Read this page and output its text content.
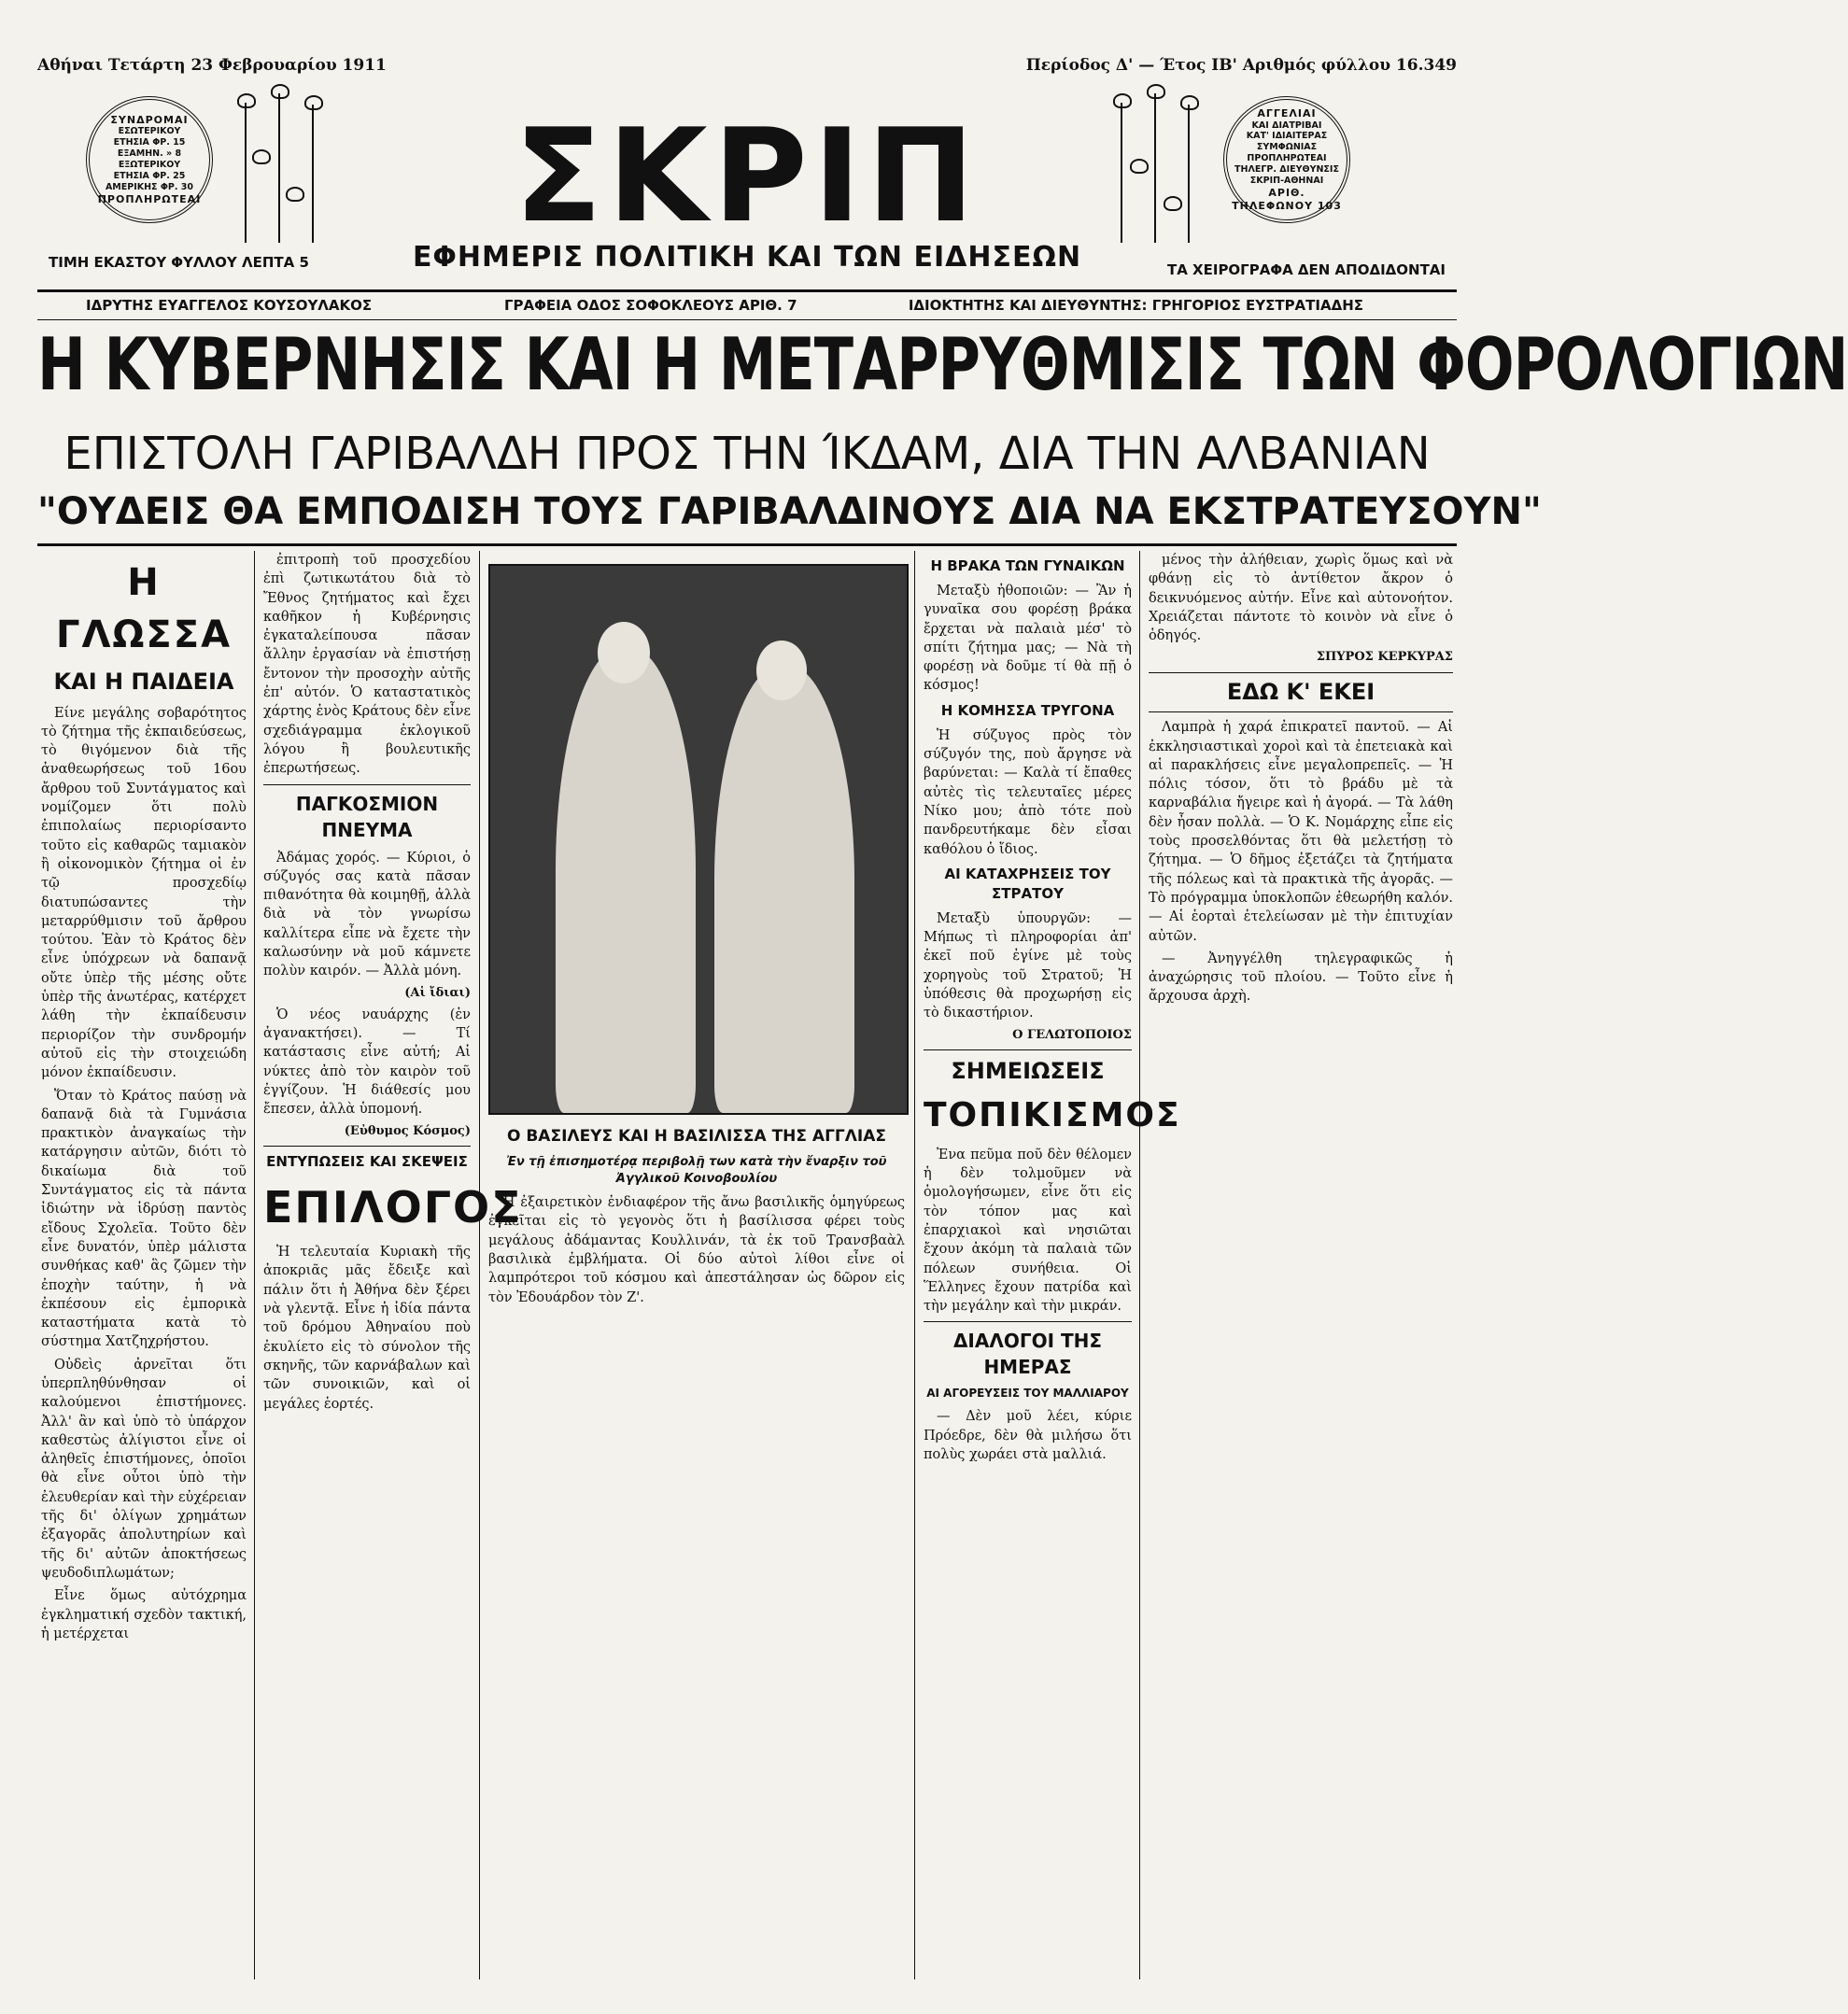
Αθήναι Τετάρτη 23 Φεβρουαρίου 1911	Περίοδος Δ' — Έτος ΙΒ' Αριθμός φύλλου 16.349
ΣΥΝΔΡΟΜΑΙ
ΕΣΩΤΕΡΙΚΟΥ
ΕΤΗΣΙΑ ΦΡ. 15
ΕΞΑΜΗΝ. » 8
ΕΞΩΤΕΡΙΚΟΥ
ΕΤΗΣΙΑ ΦΡ. 25
ΑΜΕΡΙΚΗΣ ΦΡ. 30
ΠΡΟΠΛΗΡΩΤΕΑΙ
ΑΓΓΕΛΙΑΙ
ΚΑΙ ΔΙΑΤΡΙΒΑΙ
ΚΑΤ' ΙΔΙΑΙΤΕΡΑΣ
ΣΥΜΦΩΝΙΑΣ
ΠΡΟΠΛΗΡΩΤΕΑΙ
ΤΗΛΕΓΡ. ΔΙΕΥΘΥΝΣΙΣ
ΣΚΡΙΠ-ΑΘΗΝΑΙ
ΑΡΙΘ. ΤΗΛΕΦΩΝΟΥ 103
ΣΚΡΙΠ
ΕΦΗΜΕΡΙΣ ΠΟΛΙΤΙΚΗ ΚΑΙ ΤΩΝ ΕΙΔΗΣΕΩΝ
ΤΙΜΗ ΕΚΑΣΤΟΥ ΦΥΛΛΟΥ ΛΕΠΤΑ 5	ΤΑ ΧΕΙΡΟΓΡΑΦΑ ΔΕΝ ΑΠΟΔΙΔΟΝΤΑΙ
ΙΔΡΥΤΗΣ ΕΥΑΓΓΕΛΟΣ ΚΟΥΣΟΥΛΑΚΟΣ	ΓΡΑΦΕΙΑ ΟΔΟΣ ΣΟΦΟΚΛΕΟΥΣ ΑΡΙΘ. 7	ΙΔΙΟΚΤΗΤΗΣ ΚΑΙ ΔΙΕΥΘΥΝΤΗΣ: ΓΡΗΓΟΡΙΟΣ ΕΥΣΤΡΑΤΙΑΔΗΣ
Η ΚΥΒΕΡΝΗΣΙΣ ΚΑΙ Η ΜΕΤΑΡΡΥΘΜΙΣΙΣ ΤΩΝ ΦΟΡΟΛΟΓΙΩΝ
ΕΠΙΣΤΟΛΗ ΓΑΡΙΒΑΛΔΗ ΠΡΟΣ ΤΗΝ ΊΚΔΑΜ, ΔΙΑ ΤΗΝ ΑΛΒΑΝΙΑΝ
"ΟΥΔΕΙΣ ΘΑ ΕΜΠΟΔΙΣΗ ΤΟΥΣ ΓΑΡΙΒΑΛΔΙΝΟΥΣ ΔΙΑ ΝΑ ΕΚΣΤΡΑΤΕΥΣΟΥΝ"
Η ΓΛΩΣΣΑ
ΚΑΙ Η ΠΑΙΔΕΙΑ

Είνε μεγάλης σοβαρότητος τὸ ζήτημα τῆς ἐκπαιδεύσεως, τὸ θιγόμενον διὰ τῆς ἀναθεωρήσεως τοῦ 16ου ἄρθρου τοῦ Συντάγματος καὶ νομίζομεν ὅτι πολὺ ἐπιπολαίως περιορίσαντο τοῦτο εἰς καθαρῶς ταμιακὸν ἢ οἰκονομικὸν ζήτημα οἱ ἐν τῷ προσχεδίῳ διατυπώσαντες τὴν μεταρρύθμισιν τοῦ ἄρθρου τούτου. Ἐὰν τὸ Κράτος δὲν εἶνε ὑπόχρεων νὰ δαπανᾷ οὔτε ὑπὲρ τῆς μέσης οὔτε ὑπὲρ τῆς ἀνωτέρας, κατέρχετ λάθη τὴν ἐκπαίδευσιν περιορίζον τὴν συνδρομήν αὐτοῦ εἰς τὴν στοιχειώδη μόνον ἐκπαίδευσιν.

Ὅταν τὸ Κράτος παύσῃ νὰ δαπανᾷ διὰ τὰ Γυμνάσια πρακτικὸν ἀναγκαίως τὴν κατάργησιν αὐτῶν, διότι τὸ δικαίωμα διὰ τοῦ Συντάγματος εἰς τὰ πάντα ἰδιώτην νὰ ἱδρύσῃ παντὸς εἴδους Σχολεῖα. Τοῦτο δὲν εἶνε δυνατόν, ὑπὲρ μάλιστα συνθήκας καθ' ἃς ζῶμεν τὴν ἐποχὴν ταύτην, ἡ νὰ ἐκπέσουν εἰς ἐμπορικὰ καταστήματα κατὰ τὸ σύστημα Χατζηχρήστου.

Οὐδεὶς ἀρνεῖται ὅτι ὑπερπληθύνθησαν οἱ καλούμενοι ἐπιστήμονες. Ἀλλ' ἂν καὶ ὑπὸ τὸ ὑπάρχον καθεστὼς ἀλίγιστοι εἶνε οἱ ἀληθεῖς ἐπιστήμονες, ὁποῖοι θὰ εἶνε οὗτοι ὑπὸ τὴν ἐλευθερίαν καὶ τὴν εὐχέρειαν τῆς δι' ὀλίγων χρημάτων ἐξαγορᾶς ἀπολυτηρίων καὶ τῆς δι' αὐτῶν ἀποκτήσεως ψευδοδιπλωμάτων;

Εἶνε ὅμως αὐτόχρημα ἐγκληματική σχεδὸν τακτική, ἡ μετέρχεται

ἐπιτροπὴ τοῦ προσχεδίου ἐπὶ ζωτικωτάτου διὰ τὸ Ἔθνος ζητήματος καὶ ἔχει καθῆκον ἡ Κυβέρνησις ἐγκαταλείπουσα πᾶσαν ἄλλην ἐργασίαν νὰ ἐπιστήσῃ ἔντονον τὴν προσοχὴν αὐτῆς ἐπ' αὐτόν. Ὁ καταστατικὸς χάρτης ἑνὸς Κράτους δὲν εἶνε σχεδιάγραμμα ἐκλογικοῦ λόγου ἢ βουλευτικῆς ἐπερωτήσεως.

ΠΑΓΚΟΣΜΙΟΝ ΠΝΕΥΜΑ

Ἀδάμας χορός. — Κύριοι, ὁ σύζυγός σας κατὰ πᾶσαν πιθανότητα θὰ κοιμηθῇ, ἀλλὰ διὰ νὰ τὸν γνωρίσω καλλίτερα εἶπε νὰ ἔχετε τὴν καλωσύνην νὰ μοῦ κάμνετε πολὺν καιρόν. — Ἀλλὰ μόνη.

(Αἱ ἴδιαι)

Ὁ νέος ναυάρχης (ἐν ἀγανακτήσει). — Τί κατάστασις εἶνε αὐτή; Αἱ νύκτες ἀπὸ τὸν καιρὸν τοῦ ἐγγίζουν. Ἡ διάθεσίς μου ἔπεσεν, ἀλλὰ ὑπομονή.

(Εὐθυμος Κόσμος)
ΕΝΤΥΠΩΣΕΙΣ ΚΑΙ ΣΚΕΨΕΙΣ
ΕΠΙΛΟΓΟΣ

Ἡ τελευταία Κυριακὴ τῆς ἀποκριᾶς μᾶς ἔδειξε καὶ πάλιν ὅτι ἡ Ἀθήνα δὲν ξέρει νὰ γλεντᾷ. Εἶνε ἡ ἰδία πάντα τοῦ δρόμου Ἀθηναίου ποὺ ἐκυλίετο εἰς τὸ σύνολον τῆς σκηνῆς, τῶν καρνάβαλων καὶ τῶν συνοικιῶν, καὶ οἱ μεγάλες ἑορτές.

Ο ΒΑΣΙΛΕΥΣ ΚΑΙ Η ΒΑΣΙΛΙΣΣΑ ΤΗΣ ΑΓΓΛΙΑΣ
Ἐν τῇ ἐπισημοτέρᾳ περιβολῇ των κατὰ τὴν ἔναρξιν τοῦ Ἀγγλικοῦ Κοινοβουλίου

Ἡ ἐξαιρετικὸν ἐνδιαφέρον τῆς ἄνω βασιλικῆς ὁμηγύρεως ἐγκεῖται εἰς τὸ γεγονὸς ὅτι ἡ βασίλισσα φέρει τοὺς μεγάλους ἀδάμαντας Κουλλινάν, τὰ ἐκ τοῦ Τρανσβαὰλ βασιλικὰ ἐμβλήματα. Οἱ δύο αὐτοὶ λίθοι εἶνε οἱ λαμπρότεροι τοῦ κόσμου καὶ ἀπεστάλησαν ὡς δῶρον εἰς τὸν Ἐδουάρδον τὸν Ζ'.

Η ΒΡΑΚΑ ΤΩΝ ΓΥΝΑΙΚΩΝ

Μεταξὺ ἠθοποιῶν: — Ἂν ἡ γυναῖκα σου φορέσῃ βράκα ἔρχεται νὰ παλαιὰ μέσ' τὸ σπίτι ζήτημα μας; — Νὰ τὴ φορέσῃ νὰ δοῦμε τί θὰ πῇ ὁ κόσμος!

Η ΚΟΜΗΣΣΑ ΤΡΥΓΟΝΑ

Ἡ σύζυγος πρὸς τὸν σύζυγόν της, ποὺ ἄργησε νὰ βαρύνεται: — Καλὰ τί ἔπαθες αὐτὲς τὶς τελευταῖες μέρες Νίκο μου; ἀπὸ τότε ποὺ πανδρευτήκαμε δὲν εἶσαι καθόλου ὁ ἴδιος.

ΑΙ ΚΑΤΑΧΡΗΣΕΙΣ ΤΟΥ ΣΤΡΑΤΟΥ

Μεταξὺ ὑπουργῶν: — Μήπως τὶ πληροφορίαι ἀπ' ἐκεῖ ποῦ ἐγίνε μὲ τοὺς χορηγοὺς τοῦ Στρατοῦ; Ἡ ὑπόθεσις θὰ προχωρήσῃ εἰς τὸ δικαστήριον.

Ο ΓΕΛΩΤΟΠΟΙΟΣ
ΣΗΜΕΙΩΣΕΙΣ
ΤΟΠΙΚΙΣΜΟΣ

Ἐνα πεῦμα ποῦ δὲν θέλομεν ἡ δὲν τολμοῦμεν νὰ ὁμολογήσωμεν, εἶνε ὅτι εἰς τὸν τόπον μας καὶ ἐπαρχιακοὶ καὶ νησιῶται ἔχουν ἀκόμη τὰ παλαιὰ τῶν πόλεων συνήθεια. Οἱ Ἕλληνες ἔχουν πατρίδα καὶ τὴν μεγάλην καὶ τὴν μικράν.

ΔΙΑΛΟΓΟΙ ΤΗΣ ΗΜΕΡΑΣ
ΑΙ ΑΓΟΡΕΥΣΕΙΣ ΤΟΥ ΜΑΛΛΙΑΡΟΥ

— Δὲν μοῦ λέει, κύριε Πρόεδρε, δὲν θὰ μιλήσω ὅτι πολὺς χωράει στὰ μαλλιά.

μένος τὴν ἀλήθειαν, χωρὶς ὅμως καὶ νὰ φθάνῃ εἰς τὸ ἀντίθετον ἄκρον ὁ δεικνυόμενος αὐτήν. Εἶνε καὶ αὐτονοήτον. Χρειάζεται πάντοτε τὸ κοινὸν νὰ εἶνε ὁ ὁδηγός.

ΣΠΥΡΟΣ ΚΕΡΚΥΡΑΣ
ΕΔΩ Κ' ΕΚΕΙ

Λαμπρὰ ἡ χαρά ἐπικρατεῖ παντοῦ. — Αἱ ἐκκλησιαστικαὶ χοροὶ καὶ τὰ ἐπετειακὰ καὶ αἱ παρακλήσεις εἶνε μεγαλοπρεπεῖς. — Ἡ πόλις τόσον, ὅτι τὸ βράδυ μὲ τὰ καρναβάλια ἤγειρε καὶ ἡ ἀγορά. — Τὰ λάθη δὲν ἦσαν πολλὰ. — Ὁ Κ. Νομάρχης εἶπε εἰς τοὺς προσελθόντας ὅτι θὰ μελετήσῃ τὸ ζήτημα. — Ὁ δῆμος ἐξετάζει τὰ ζητήματα τῆς πόλεως καὶ τὰ πρακτικὰ τῆς ἀγορᾶς. — Τὸ πρόγραμμα ὑποκλοπῶν ἐθεωρήθη καλόν. — Αἱ ἑορταὶ ἐτελείωσαν μὲ τὴν ἐπιτυχίαν αὐτῶν.

— Ἀνηγγέλθη τηλεγραφικῶς ἡ ἀναχώρησις τοῦ πλοίου. — Τοῦτο εἶνε ἡ ἄρχουσα ἀρχὴ.
